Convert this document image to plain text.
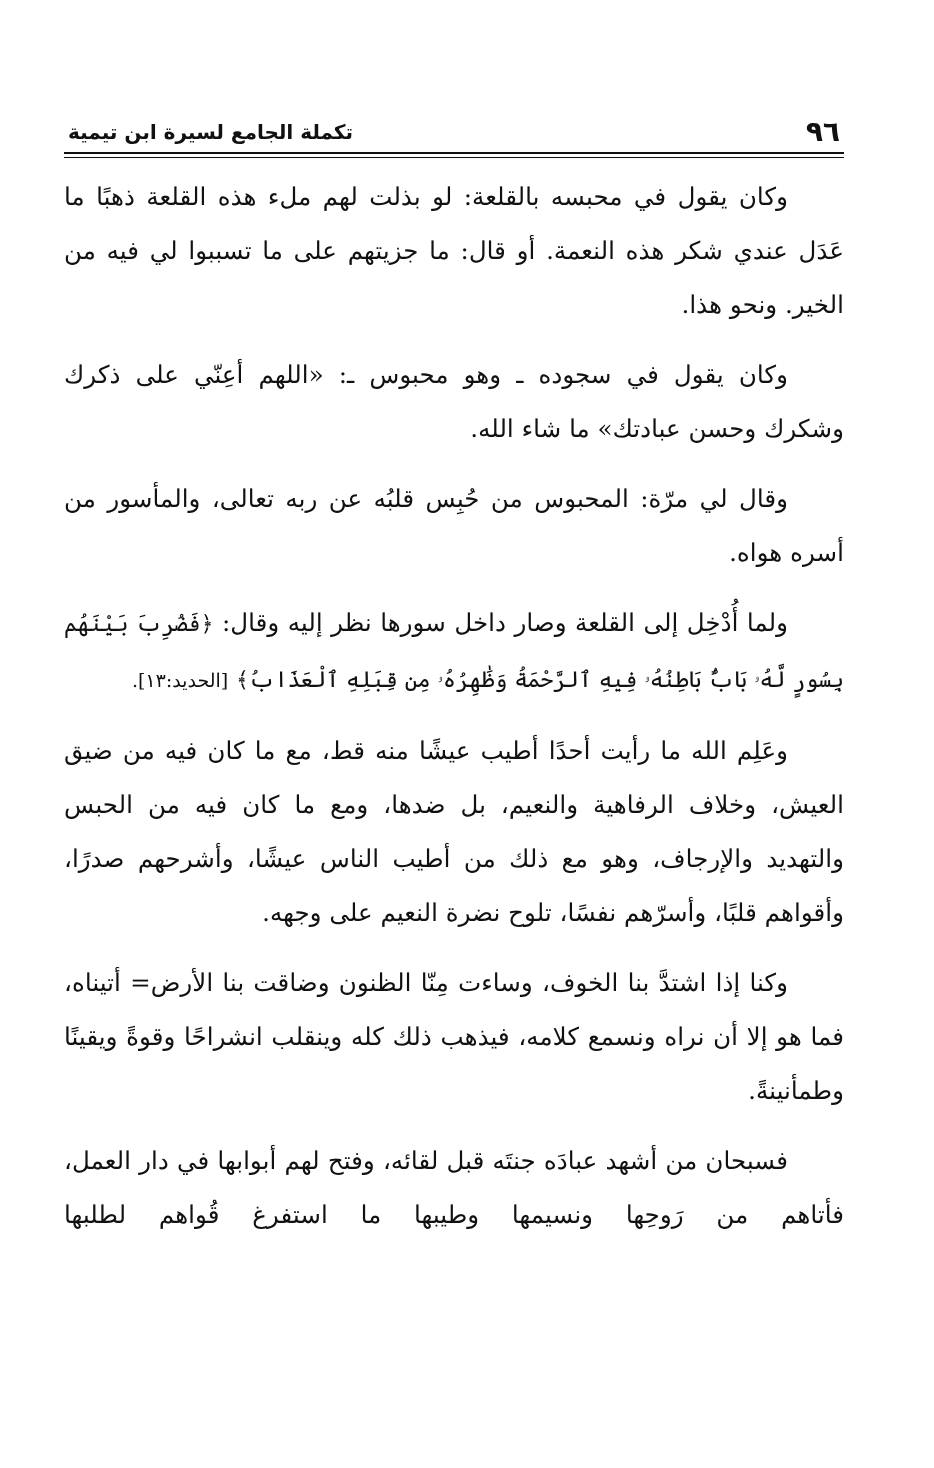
٩٦
تكملة الجامع لسيرة ابن تيمية

وكان يقول في محبسه بالقلعة: لو بذلت لهم ملء هذه القلعة ذهبًا ما عَدَل عندي شكر هذه النعمة. أو قال: ما جزيتهم على ما تسببوا لي فيه من الخير. ونحو هذا.

وكان يقول في سجوده ـ وهو محبوس ـ: «اللهم أعِنّي على ذكرك وشكرك وحسن عبادتك» ما شاء الله.

وقال لي مرّة: المحبوس من حُبِس قلبُه عن ربه تعالى، والمأسور من أسره هواه.

ولما أُدْخِل إلى القلعة وصار داخل سورها نظر إليه وقال: ﴿فَضُرِبَ بَيْنَهُم بِسُورٍ لَّهُۥ بَابٌۢ بَاطِنُهُۥ فِيهِ ٱلرَّحْمَةُ وَظَٰهِرُهُۥ مِن قِبَلِهِ ٱلْعَذَابُ﴾ [الحديد:١٣].

وعَلِم الله ما رأيت أحدًا أطيب عيشًا منه قط، مع ما كان فيه من ضيق العيش، وخلاف الرفاهية والنعيم، بل ضدها، ومع ما كان فيه من الحبس والتهديد والإرجاف، وهو مع ذلك من أطيب الناس عيشًا، وأشرحهم صدرًا، وأقواهم قلبًا، وأسرّهم نفسًا، تلوح نضرة النعيم على وجهه.

وكنا إذا اشتدَّ بنا الخوف، وساءت مِنّا الظنون وضاقت بنا الأرض= أتيناه، فما هو إلا أن نراه ونسمع كلامه، فيذهب ذلك كله وينقلب انشراحًا وقوةً ويقينًا وطمأنينةً.

فسبحان من أشهد عبادَه جنتَه قبل لقائه، وفتح لهم أبوابها في دار العمل، فأتاهم من رَوحِها ونسيمها وطيبها ما استفرغ قُواهم لطلبها
